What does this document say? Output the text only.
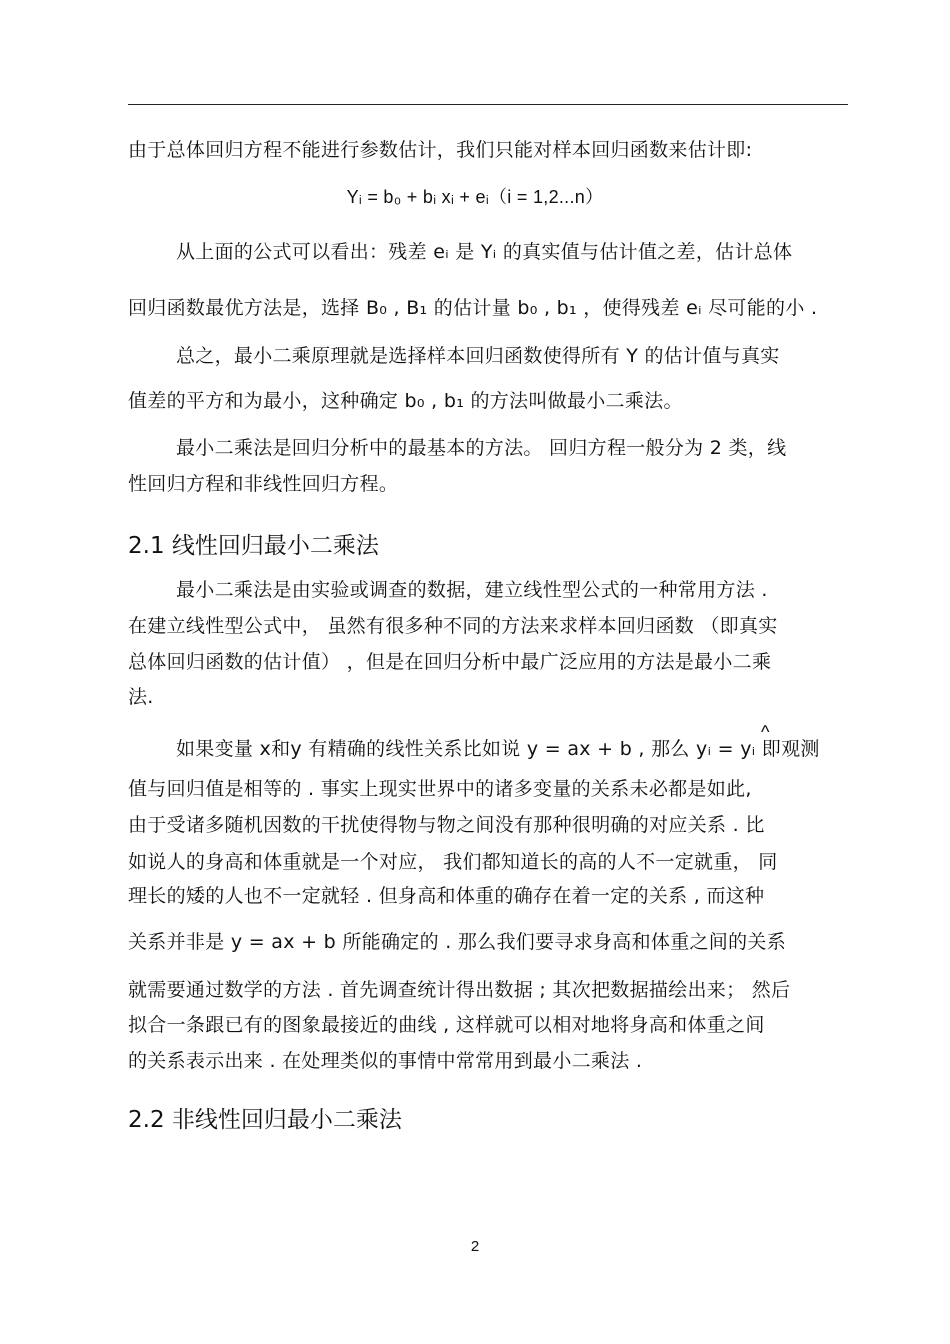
由于总体回归方程不能进行参数估计，我们只能对样本回归函数来估计即:
Yᵢ = b₀ + bᵢ xᵢ + eᵢ（i = 1,2...n）
从上面的公式可以看出：残差 eᵢ 是 Yᵢ 的真实值与估计值之差，估计总体
回归函数最优方法是，选择 B₀ , B₁ 的估计量 b₀ , b₁ ，使得残差 eᵢ 尽可能的小 .
总之，最小二乘原理就是选择样本回归函数使得所有 Y 的估计值与真实
值差的平方和为最小，这种确定 b₀ , b₁ 的方法叫做最小二乘法。
最小二乘法是回归分析中的最基本的方法。 回归方程一般分为 2 类，线
性回归方程和非线性回归方程。
2.1 线性回归最小二乘法
最小二乘法是由实验或调查的数据，建立线性型公式的一种常用方法 .
在建立线性型公式中， 虽然有很多种不同的方法来求样本回归函数 （即真实
总体回归函数的估计值） ，但是在回归分析中最广泛应用的方法是最小二乘
法.
^
如果变量 x和y 有精确的线性关系比如说 y = ax + b , 那么 yᵢ = yᵢ 即观测
值与回归值是相等的 . 事实上现实世界中的诸多变量的关系未必都是如此,
由于受诸多随机因数的干扰使得物与物之间没有那种很明确的对应关系 . 比
如说人的身高和体重就是一个对应， 我们都知道长的高的人不一定就重， 同
理长的矮的人也不一定就轻 . 但身高和体重的确存在着一定的关系 , 而这种
关系并非是 y = ax + b 所能确定的 . 那么我们要寻求身高和体重之间的关系
就需要通过数学的方法 . 首先调查统计得出数据 ; 其次把数据描绘出来； 然后
拟合一条跟已有的图象最接近的曲线 , 这样就可以相对地将身高和体重之间
的关系表示出来 . 在处理类似的事情中常常用到最小二乘法 .
2.2 非线性回归最小二乘法
2
